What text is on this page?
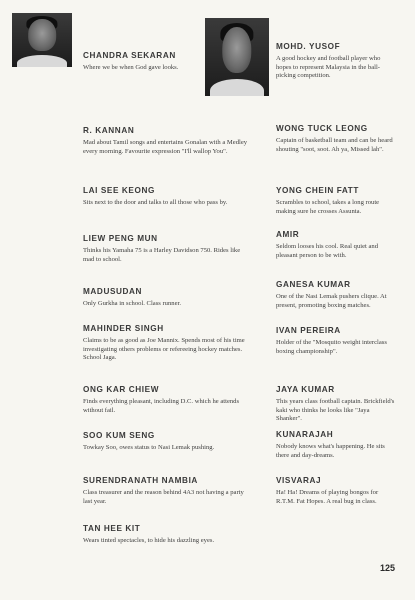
CHANDRA SEKARAN
Where we be when God gave looks.
MOHD. YUSOF
A good hockey and football player who hopes to represent Malaysia in the ball-picking competition.
R. KANNAN
Mad about Tamil songs and entertains Gonalan with a Medley every morning. Favourite expression "I'll wallop You".
WONG TUCK LEONG
Captain of basketball team and can be heard shouting "soot, soot. Ah ya, Missed lah".
LAI SEE KEONG
Sits next to the door and talks to all those who pass by.
YONG CHEIN FATT
Scrambles to school, takes a long route making sure he crosses Assunta.
LIEW PENG MUN
Thinks his Yamaha 75 is a Harley Davidson 750. Rides like mad to school.
AMIR
Seldom looses his cool. Real quiet and pleasant person to be with.
MADUSUDAN
Only Gurkha in school. Class runner.
GANESA KUMAR
One of the Nasi Lemak pushers clique. At present, promoting boxing matches.
MAHINDER SINGH
Claims to be as good as Joe Mannix. Spends most of his time investigating others problems or refereeing hockey matches. School Jaga.
IVAN PEREIRA
Holder of the "Mosquito weight interclass boxing championship".
ONG KAR CHIEW
Finds everything pleasant, including D.C. which he attends without fail.
JAYA KUMAR
This years class football captain. Brickfield's kaki who thinks he looks like "Jaya Shanker".
SOO KUM SENG
Towkay Soo, owes status to Nasi Lemak pushing.
KUNARAJAH
Nobody knows what's happening. He sits there and day-dreams.
SURENDRANATH NAMBIA
Class treasurer and the reason behind 4A3 not having a party last year.
VISVARAJ
Ha! Ha! Dreams of playing bongos for R.T.M. Fat Hopes. A real bug in class.
TAN HEE KIT
Wears tinted spectacles, to hide his dazzling eyes.
125
